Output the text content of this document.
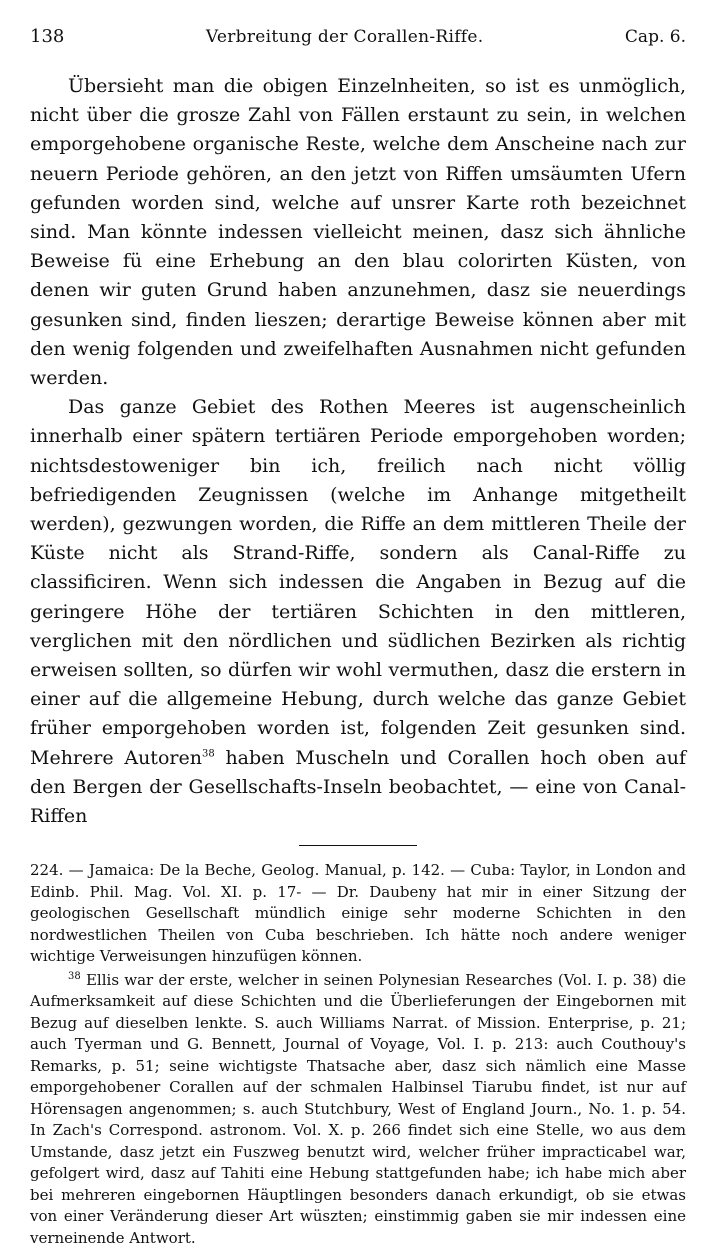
138	Verbreitung der Corallen-Riffe.	Cap. 6.

Übersieht man die obigen Einzelnheiten, so ist es unmöglich, nicht über die grosze Zahl von Fällen erstaunt zu sein, in welchen emporgehobene organische Reste, welche dem Anscheine nach zur neuern Periode gehören, an den jetzt von Riffen umsäumten Ufern gefunden worden sind, welche auf unsrer Karte roth bezeichnet sind. Man könnte indessen vielleicht meinen, dasz sich ähnliche Beweise fü eine Erhebung an den blau colorirten Küsten, von denen wir guten Grund haben anzunehmen, dasz sie neuerdings gesunken sind, finden lieszen; derartige Beweise können aber mit den wenig folgenden und zweifelhaften Ausnahmen nicht gefunden werden.

Das ganze Gebiet des Rothen Meeres ist augenscheinlich innerhalb einer spätern tertiären Periode emporgehoben worden; nichtsdestoweniger bin ich, freilich nach nicht völlig befriedigenden Zeugnissen (welche im Anhange mitgetheilt werden), gezwungen worden, die Riffe an dem mittleren Theile der Küste nicht als Strand-Riffe, sondern als Canal-Riffe zu classificiren. Wenn sich indessen die Angaben in Bezug auf die geringere Höhe der tertiären Schichten in den mittleren, verglichen mit den nördlichen und südlichen Bezirken als richtig erweisen sollten, so dürfen wir wohl vermuthen, dasz die erstern in einer auf die allgemeine Hebung, durch welche das ganze Gebiet früher emporgehoben worden ist, folgenden Zeit gesunken sind. Mehrere Autoren$^{38}$ haben Muscheln und Corallen hoch oben auf den Bergen der Gesellschafts-Inseln beobachtet, — eine von Canal-Riffen

224. — Jamaica: De la Beche, Geolog. Manual, p. 142. — Cuba: Taylor, in London and Edinb. Phil. Mag. Vol. XI. p. 17- — Dr. Daubeny hat mir in einer Sitzung der geologischen Gesellschaft mündlich einige sehr moderne Schichten in den nordwestlichen Theilen von Cuba beschrieben. Ich hätte noch andere weniger wichtige Verweisungen hinzufügen können.

$^{38}$ Ellis war der erste, welcher in seinen Polynesian Researches (Vol. I. p. 38) die Aufmerksamkeit auf diese Schichten und die Überlieferungen der Eingebornen mit Bezug auf dieselben lenkte. S. auch Williams Narrat. of Mission. Enterprise, p. 21; auch Tyerman und G. Bennett, Journal of Voyage, Vol. I. p. 213: auch Couthouy's Remarks, p. 51; seine wichtigste Thatsache aber, dasz sich nämlich eine Masse emporgehobener Corallen auf der schmalen Halbinsel Tiarubu findet, ist nur auf Hörensagen angenommen; s. auch Stutchbury, West of England Journ., No. 1. p. 54. In Zach's Correspond. astronom. Vol. X. p. 266 findet sich eine Stelle, wo aus dem Umstande, dasz jetzt ein Fuszweg benutzt wird, welcher früher impracticabel war, gefolgert wird, dasz auf Tahiti eine Hebung stattgefunden habe; ich habe mich aber bei mehreren eingebornen Häuptlingen besonders danach erkundigt, ob sie etwas von einer Veränderung dieser Art wüszten; einstimmig gaben sie mir indessen eine verneinende Antwort.
